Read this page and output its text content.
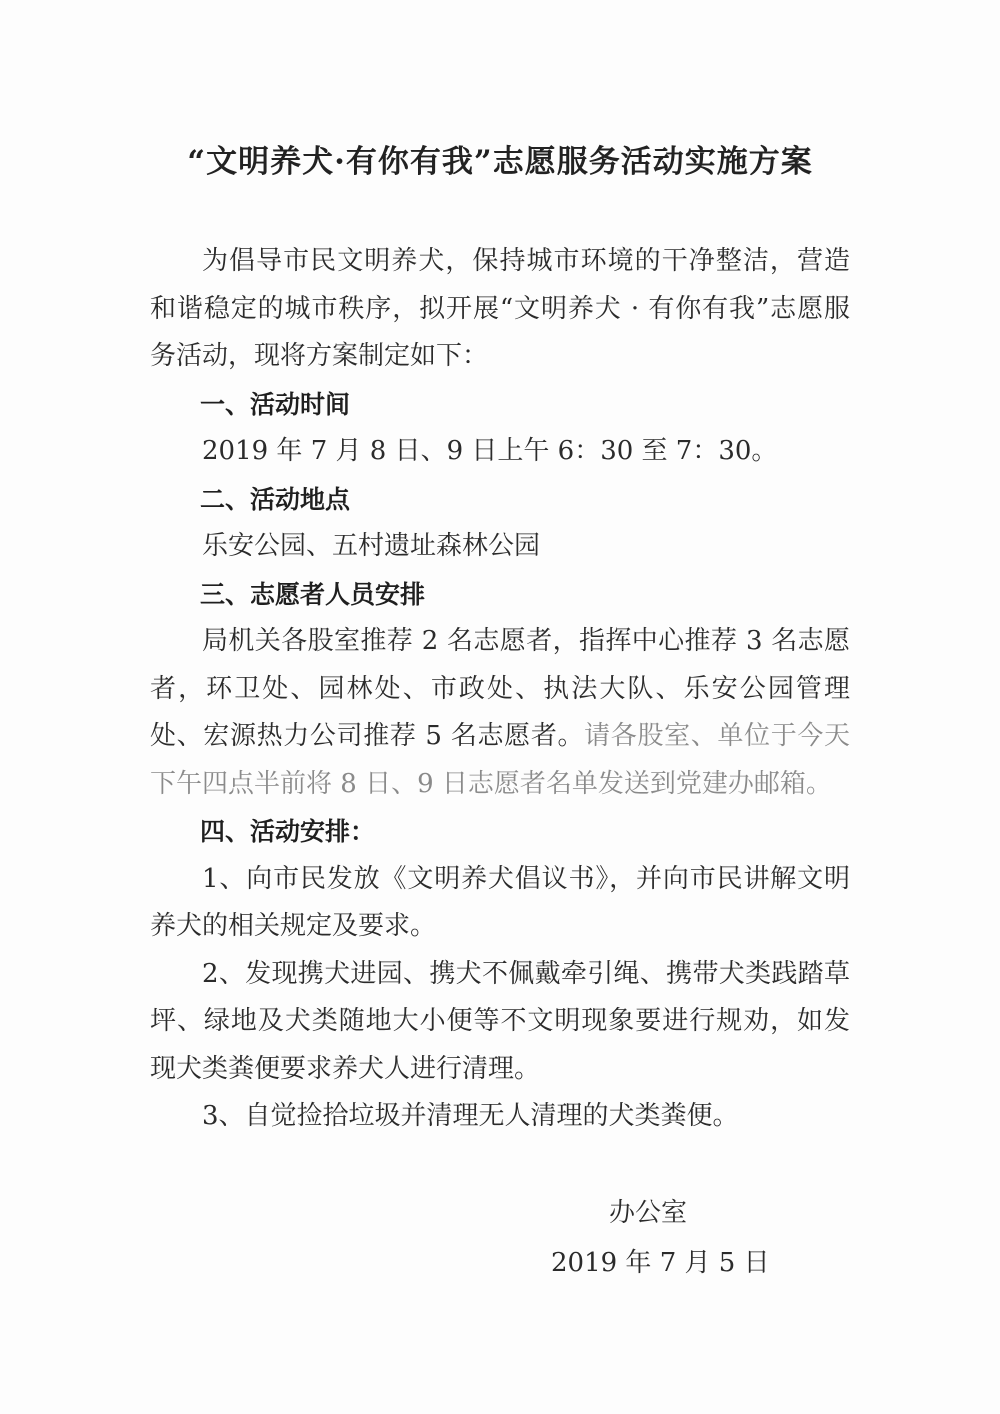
“文明养犬·有你有我”志愿服务活动实施方案

为倡导市民文明养犬，保持城市环境的干净整洁，营造和谐稳定的城市秩序，拟开展“文明养犬 · 有你有我”志愿服务活动，现将方案制定如下：

一、活动时间

2019 年 7 月 8 日、9 日上午 6：30 至 7：30。

二、活动地点

乐安公园、五村遗址森林公园

三、志愿者人员安排

局机关各股室推荐 2 名志愿者，指挥中心推荐 3 名志愿者，环卫处、园林处、市政处、执法大队、乐安公园管理处、宏源热力公司推荐 5 名志愿者。请各股室、单位于今天下午四点半前将 8 日、9 日志愿者名单发送到党建办邮箱。

四、活动安排：

1、向市民发放《文明养犬倡议书》，并向市民讲解文明养犬的相关规定及要求。

2、发现携犬进园、携犬不佩戴牵引绳、携带犬类践踏草坪、绿地及犬类随地大小便等不文明现象要进行规劝，如发现犬类粪便要求养犬人进行清理。

3、自觉捡拾垃圾并清理无人清理的犬类粪便。

办公室
2019 年 7 月 5 日
